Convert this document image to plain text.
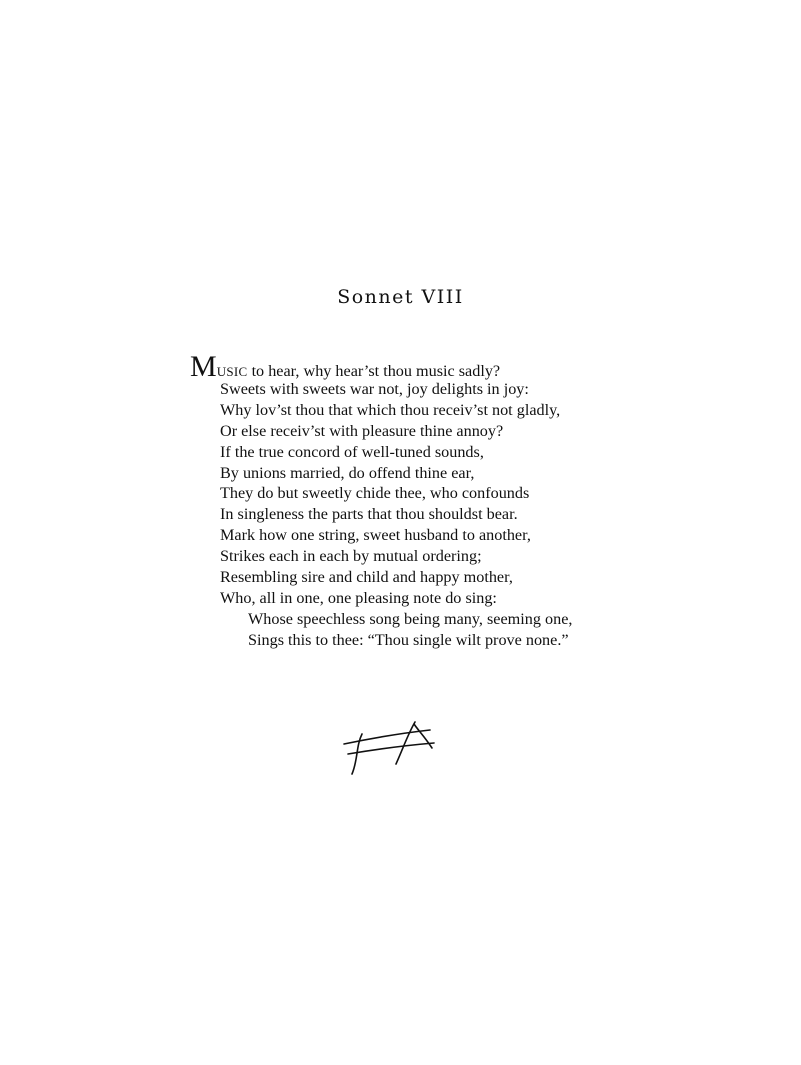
Sonnet VIII
MUSIC to hear, why hear’st thou music sadly?
Sweets with sweets war not, joy delights in joy:
Why lov’st thou that which thou receiv’st not gladly,
Or else receiv’st with pleasure thine annoy?
If the true concord of well-tuned sounds,
By unions married, do offend thine ear,
They do but sweetly chide thee, who confounds
In singleness the parts that thou shouldst bear.
Mark how one string, sweet husband to another,
Strikes each in each by mutual ordering;
Resembling sire and child and happy mother,
Who, all in one, one pleasing note do sing:
Whose speechless song being many, seeming one,
Sings this to thee: “Thou single wilt prove none.”
